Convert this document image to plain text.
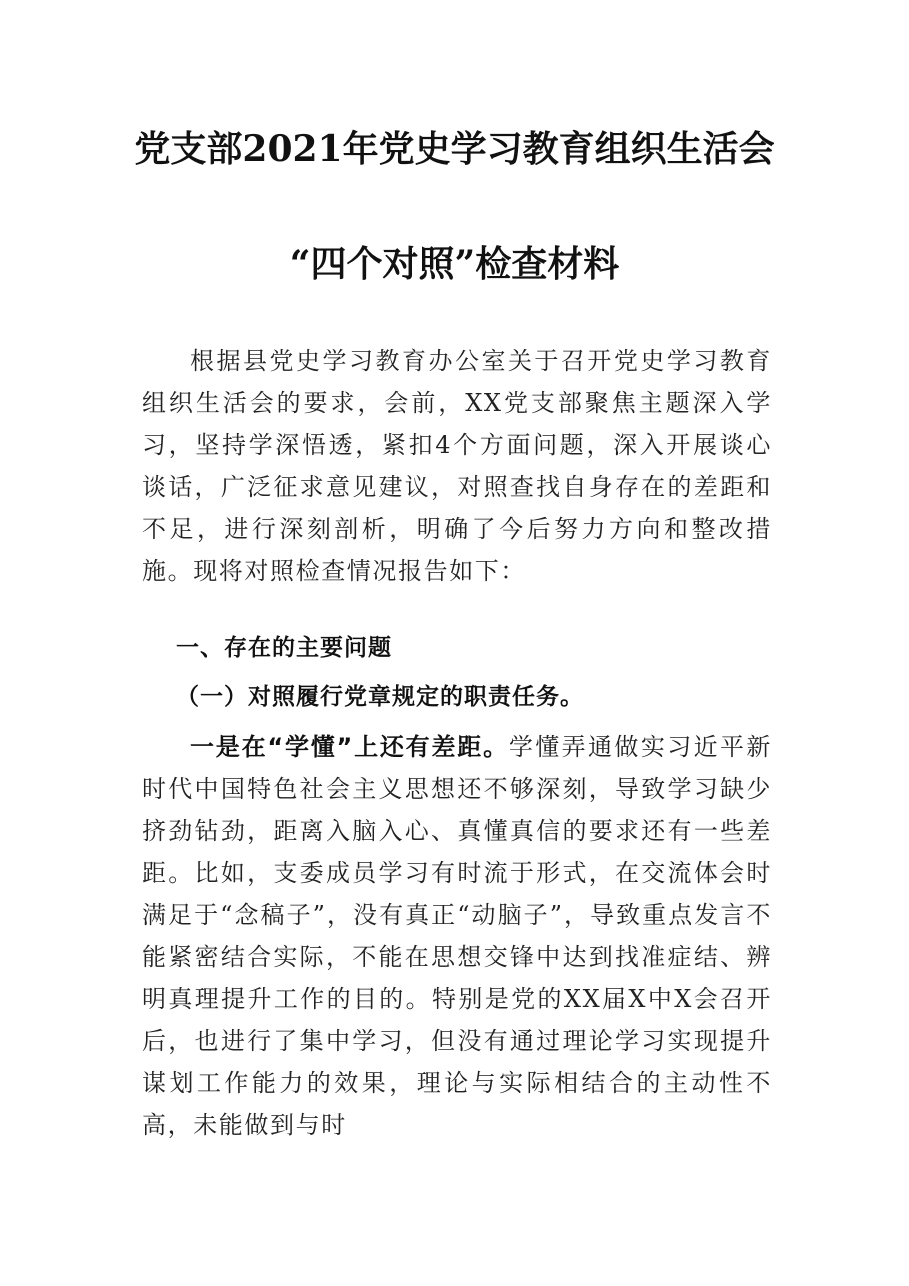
党支部2021年党史学习教育组织生活会
“四个对照”检查材料

根据县党史学习教育办公室关于召开党史学习教育组织生活会的要求，会前，XX党支部聚焦主题深入学习，坚持学深悟透，紧扣4个方面问题，深入开展谈心谈话，广泛征求意见建议，对照查找自身存在的差距和不足，进行深刻剖析，明确了今后努力方向和整改措施。现将对照检查情况报告如下：

一、存在的主要问题
（一）对照履行党章规定的职责任务。

一是在“学懂”上还有差距。学懂弄通做实习近平新时代中国特色社会主义思想还不够深刻，导致学习缺少挤劲钻劲，距离入脑入心、真懂真信的要求还有一些差距。比如，支委成员学习有时流于形式，在交流体会时满足于“念稿子”，没有真正“动脑子”，导致重点发言不能紧密结合实际，不能在思想交锋中达到找准症结、辨明真理提升工作的目的。特别是党的XX届X中X会召开后，也进行了集中学习，但没有通过理论学习实现提升谋划工作能力的效果，理论与实际相结合的主动性不高，未能做到与时
